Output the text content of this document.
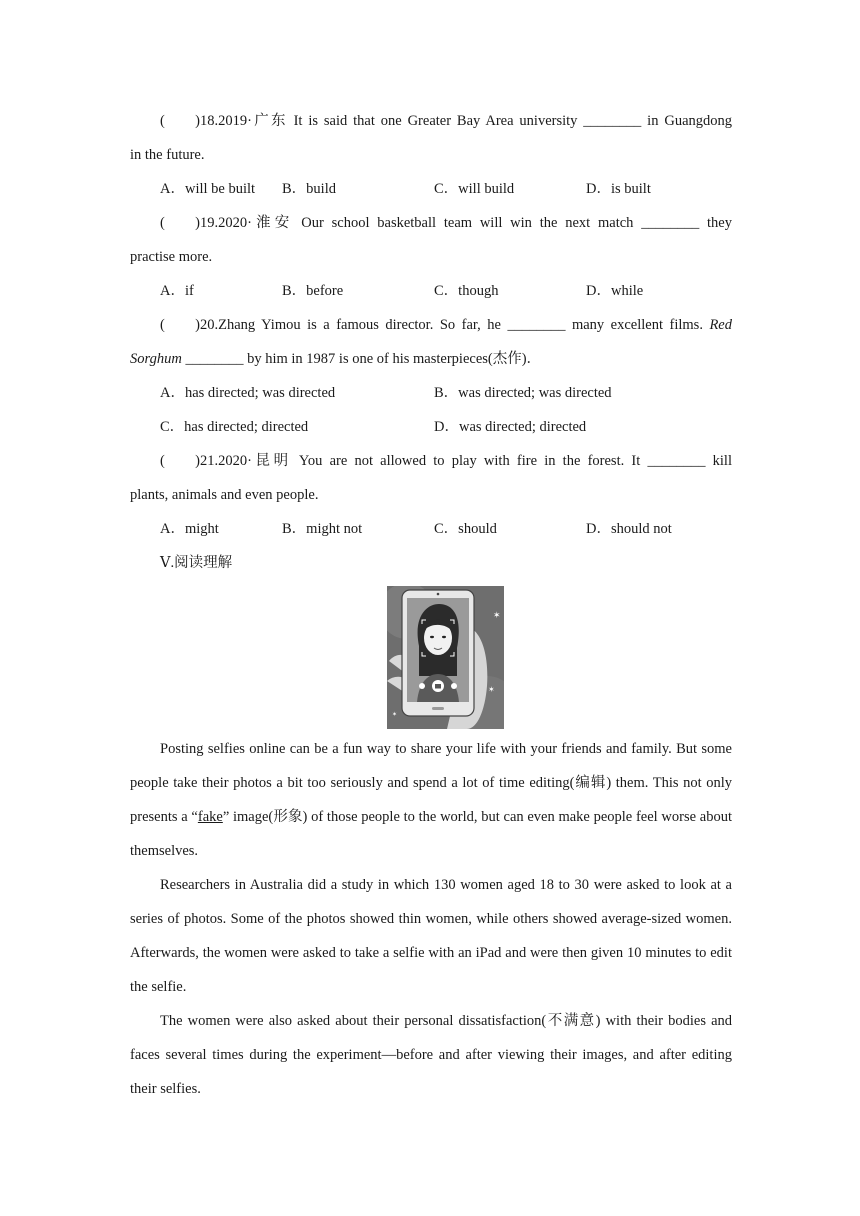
(　　)18.2019·广东 It is said that one Greater Bay Area university ________ in Guangdong
in the future.
A．will be built	B．build	C．will build	D．is built
(　　)19.2020·淮安 Our school basketball team will win the next match ________ they
practise more.
A．if	B．before	C．though	D．while
(　　)20.Zhang Yimou is a famous director. So far, he ________ many excellent films. Red
Sorghum ________ by him in 1987 is one of his masterpieces(杰作)．
A．has directed; was directed	B．was directed; was directed
C．has directed; directed	D．was directed; directed
(　　)21.2020·昆明 You are not allowed to play with fire in the forest. It ________ kill
plants, animals and even people.
A．might	B．might not	C．should	D．should not
Ⅴ.阅读理解
✶
✶
✶

Posting selfies online can be a fun way to share your life with your friends and family. But some people take their photos a bit too seriously and spend a lot of time editing(编辑) them. This not only presents a “fake” image(形象) of those people to the world, but can even make people feel worse about themselves.

Researchers in Australia did a study in which 130 women aged 18 to 30 were asked to look at a series of photos. Some of the photos showed thin women, while others showed average-sized women. Afterwards, the women were asked to take a selfie with an iPad and were then given 10 minutes to edit the selfie.

The women were also asked about their personal dissatisfaction(不满意) with their bodies and faces several times during the experiment—before and after viewing their images, and after editing their selfies.
